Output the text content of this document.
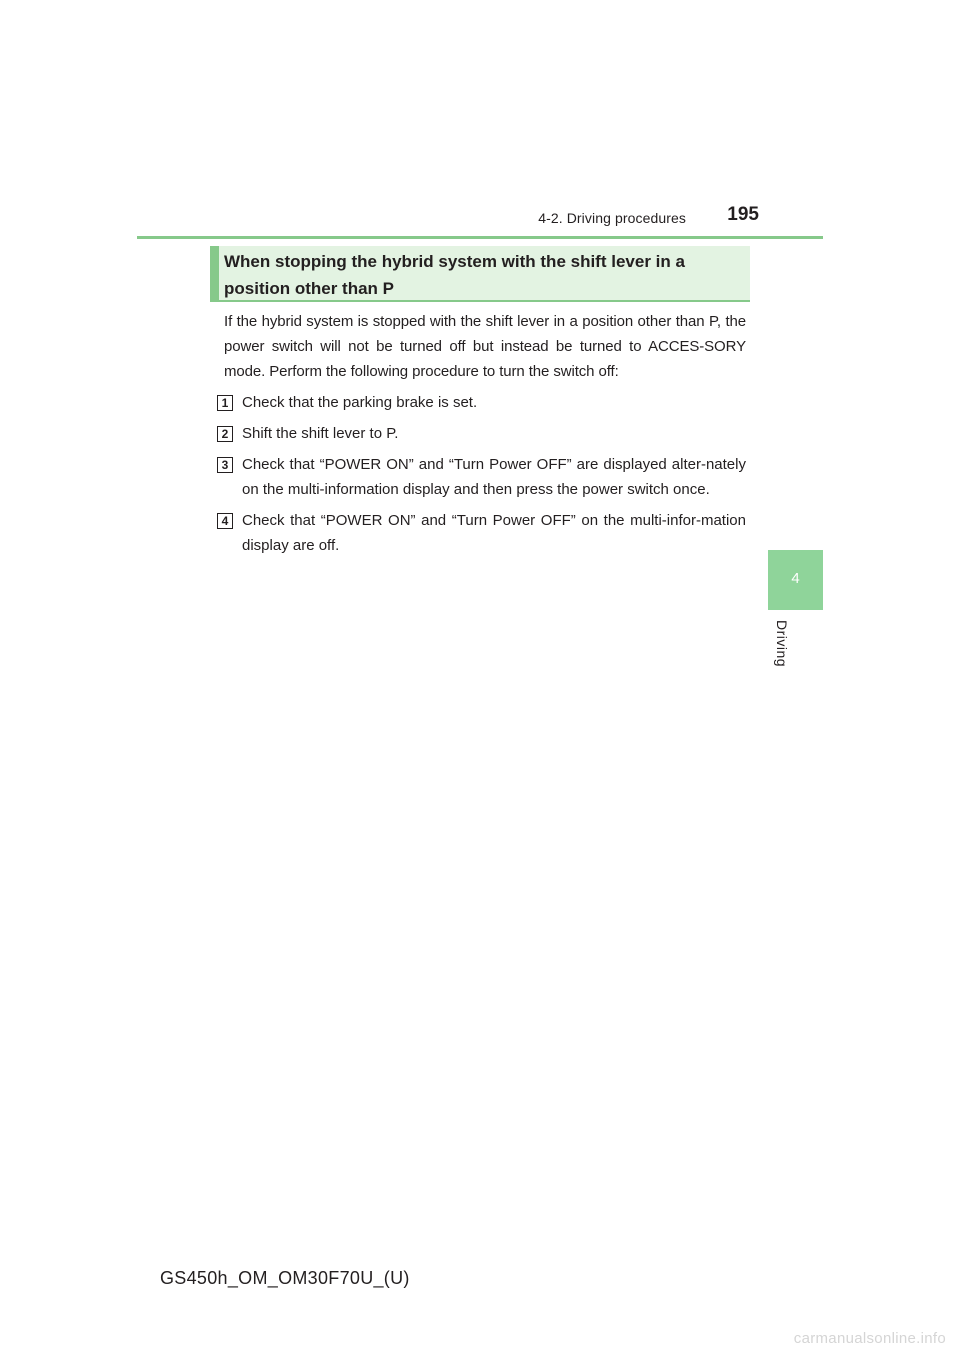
4-2. Driving procedures 195
4
Driving
When stopping the hybrid system with the shift lever in a position other than P

If the hybrid system is stopped with the shift lever in a position other than P, the power switch will not be turned off but instead be turned to ACCES-SORY mode. Perform the following procedure to turn the switch off:

1 Check that the parking brake is set.
2 Shift the shift lever to P.
3 Check that “POWER ON” and “Turn Power OFF” are displayed alter-nately on the multi-information display and then press the power switch once.
4 Check that “POWER ON” and “Turn Power OFF” on the multi-infor-mation display are off.
GS450h_OM_OM30F70U_(U)
carmanualsonline.info
